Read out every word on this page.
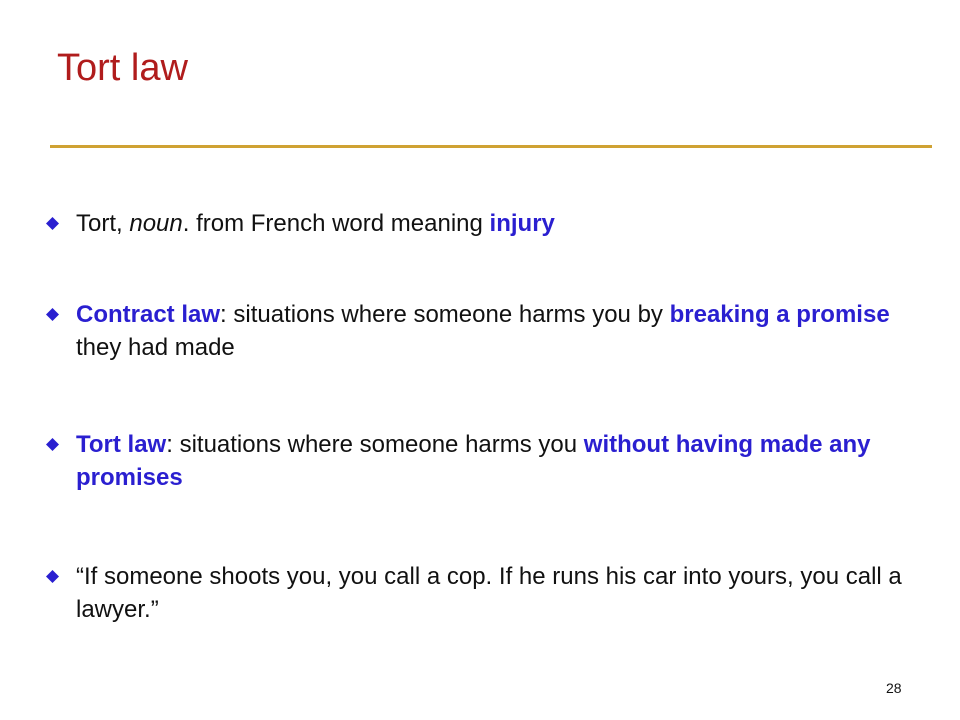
Tort law
Tort, noun. from French word meaning injury
Contract law: situations where someone harms you by breaking a promise they had made
Tort law: situations where someone harms you without having made any promises
“If someone shoots you, you call a cop. If he runs his car into yours, you call a lawyer.”
28
